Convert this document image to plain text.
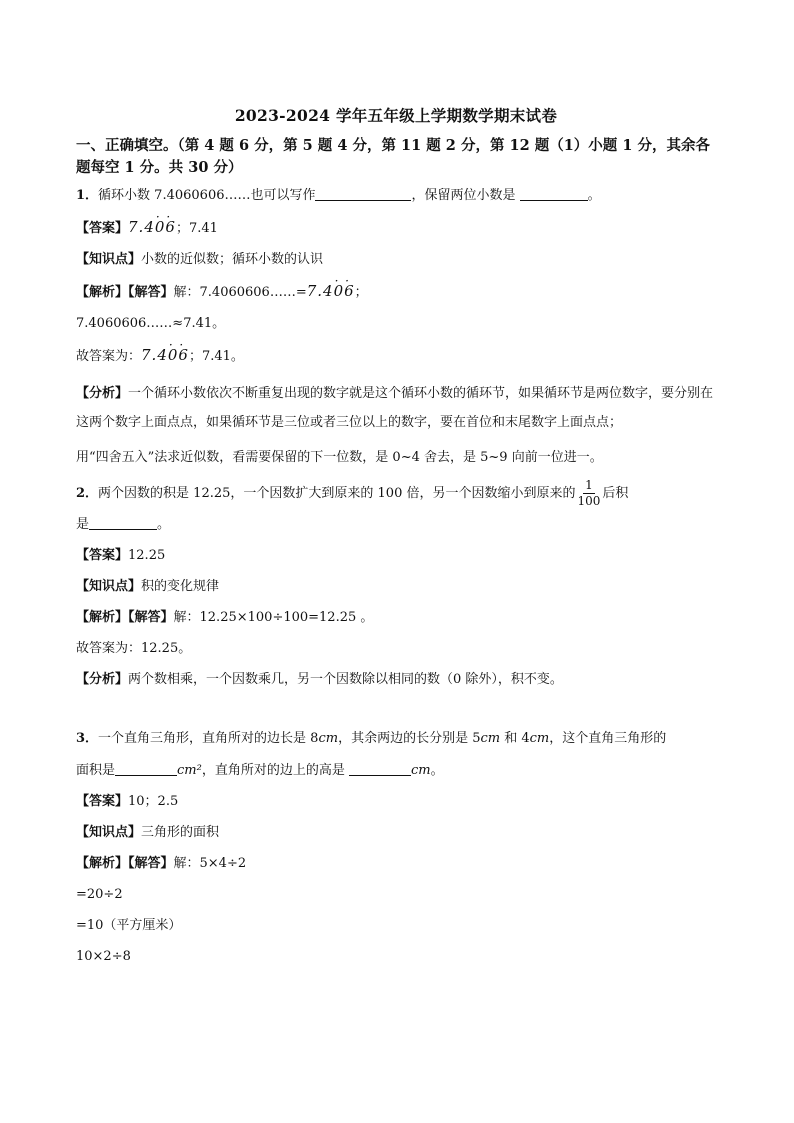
2023-2024 学年五年级上学期数学期末试卷
一、正确填空。（第 4 题 6 分，第 5 题 4 分，第 11 题 2 分，第 12 题（1）小题 1 分，其余各题每空 1 分。共 30 分）
1．循环小数 7.4060606……也可以写作	，保留两位小数是	。
【答案】7.4· 0· 6；7.41
【知识点】小数的近似数；循环小数的认识
【解析】【解答】解：7.4060606……=7.4· 0· 6；
7.4060606……≈7.41。
故答案为：7.4· 0· 6；7.41。
【分析】一个循环小数依次不断重复出现的数字就是这个循环小数的循环节，如果循环节是两位数字，要分别在这两个数字上面点点，如果循环节是三位或者三位以上的数字，要在首位和末尾数字上面点点；
用“四舍五入”法求近似数，看需要保留的下一位数，是 0~4 舍去，是 5~9 向前一位进一。
2．两个因数的积是 12.25，一个因数扩大到原来的 100 倍，另一个因数缩小到原来的 $\frac{1}{100}$ 后积
是	。
【答案】12.25
【知识点】积的变化规律
【解析】【解答】解：12.25×100÷100=12.25 。
故答案为：12.25。
【分析】两个数相乘，一个因数乘几，另一个因数除以相同的数（0 除外），积不变。
3．一个直角三角形，直角所对的边长是 8cm，其余两边的长分别是 5cm 和 4cm，这个直角三角形的
面积是	cm²，直角所对的边上的高是	cm。
【答案】10；2.5
【知识点】三角形的面积
【解析】【解答】解：5×4÷2
=20÷2
=10（平方厘米）
10×2÷8
